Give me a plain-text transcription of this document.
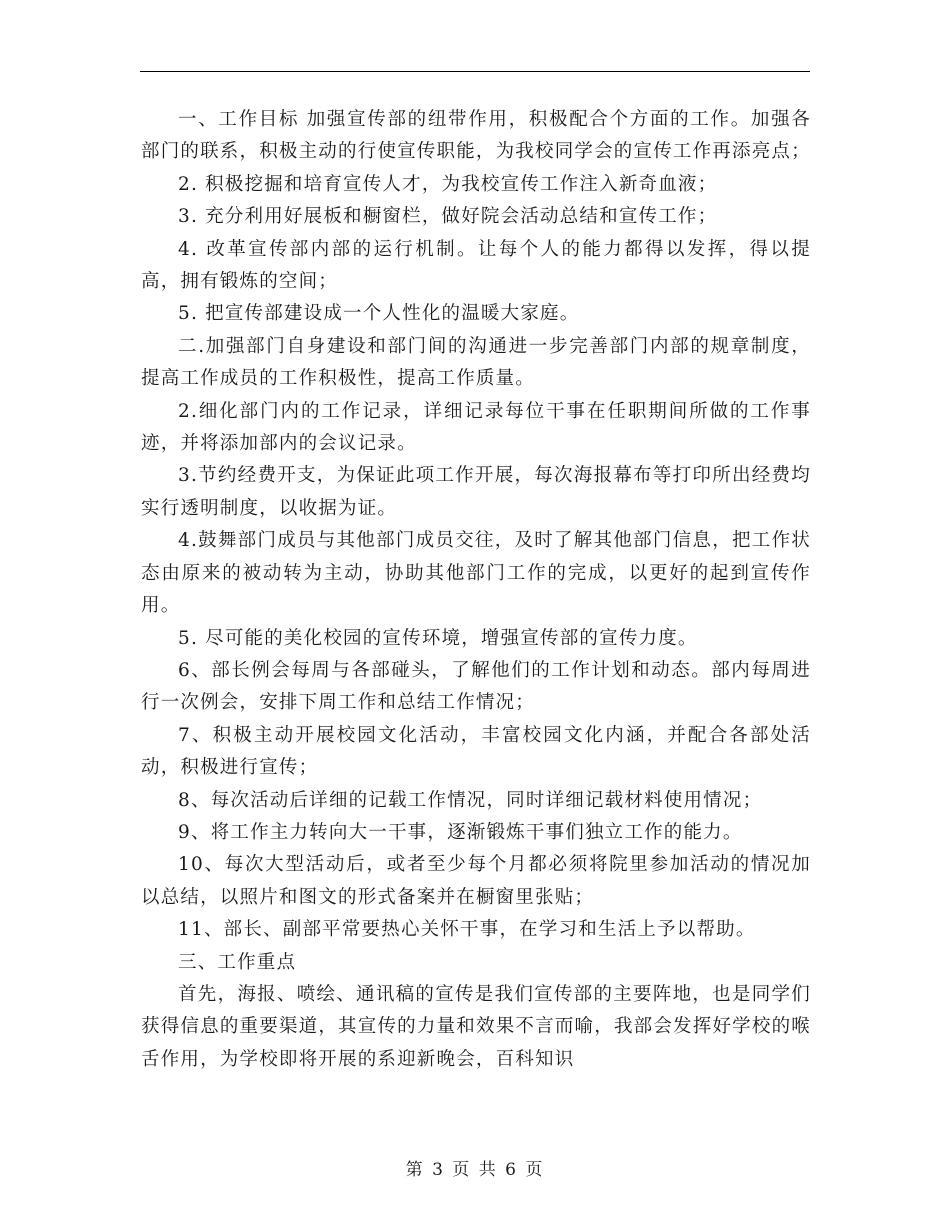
一、工作目标 加强宣传部的纽带作用，积极配合个方面的工作。加强各部门的联系，积极主动的行使宣传职能，为我校同学会的宣传工作再添亮点；

2. 积极挖掘和培育宣传人才，为我校宣传工作注入新奇血液；

3. 充分利用好展板和橱窗栏，做好院会活动总结和宣传工作；

4. 改革宣传部内部的运行机制。让每个人的能力都得以发挥，得以提高，拥有锻炼的空间；

5. 把宣传部建设成一个人性化的温暖大家庭。

二.加强部门自身建设和部门间的沟通进一步完善部门内部的规章制度，提高工作成员的工作积极性，提高工作质量。

2.细化部门内的工作记录，详细记录每位干事在任职期间所做的工作事迹，并将添加部内的会议记录。

3.节约经费开支，为保证此项工作开展，每次海报幕布等打印所出经费均实行透明制度，以收据为证。

4.鼓舞部门成员与其他部门成员交往，及时了解其他部门信息，把工作状态由原来的被动转为主动，协助其他部门工作的完成，以更好的起到宣传作用。

5. 尽可能的美化校园的宣传环境，增强宣传部的宣传力度。

6、部长例会每周与各部碰头，了解他们的工作计划和动态。部内每周进行一次例会，安排下周工作和总结工作情况；

7、积极主动开展校园文化活动，丰富校园文化内涵，并配合各部处活动，积极进行宣传；

8、每次活动后详细的记载工作情况，同时详细记载材料使用情况；

9、将工作主力转向大一干事，逐渐锻炼干事们独立工作的能力。

10、每次大型活动后，或者至少每个月都必须将院里参加活动的情况加以总结，以照片和图文的形式备案并在橱窗里张贴；

11、部长、副部平常要热心关怀干事，在学习和生活上予以帮助。

三、工作重点

首先，海报、喷绘、通讯稿的宣传是我们宣传部的主要阵地，也是同学们获得信息的重要渠道，其宣传的力量和效果不言而喻，我部会发挥好学校的喉舌作用，为学校即将开展的系迎新晚会，百科知识

第 3 页 共 6 页
